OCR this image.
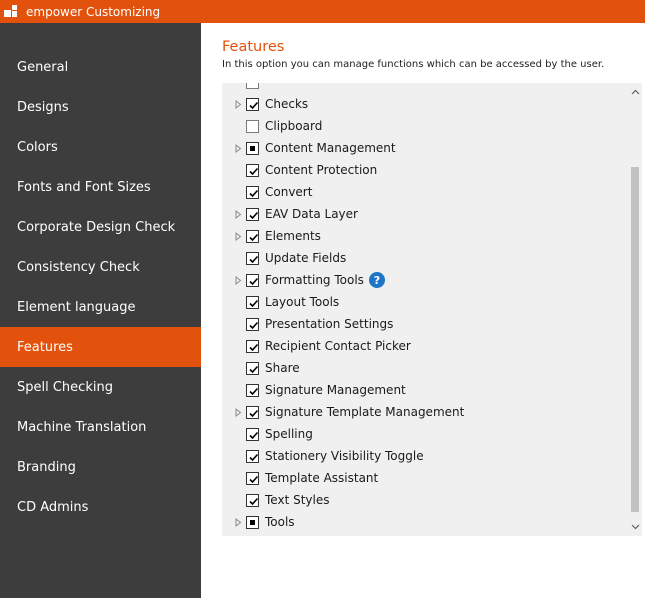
empower Customizing
General
Designs
Colors
Fonts and Font Sizes
Corporate Design Check
Consistency Check
Element language
Features
Spell Checking
Machine Translation
Branding
CD Admins
Features
In this option you can manage functions which can be accessed by the user.
Checks
Clipboard
Content Management
Content Protection
Convert
EAV Data Layer
Elements
Update Fields
Formatting Tools ?
Layout Tools
Presentation Settings
Recipient Contact Picker
Share
Signature Management
Signature Template Management
Spelling
Stationery Visibility Toggle
Template Assistant
Text Styles
Tools
